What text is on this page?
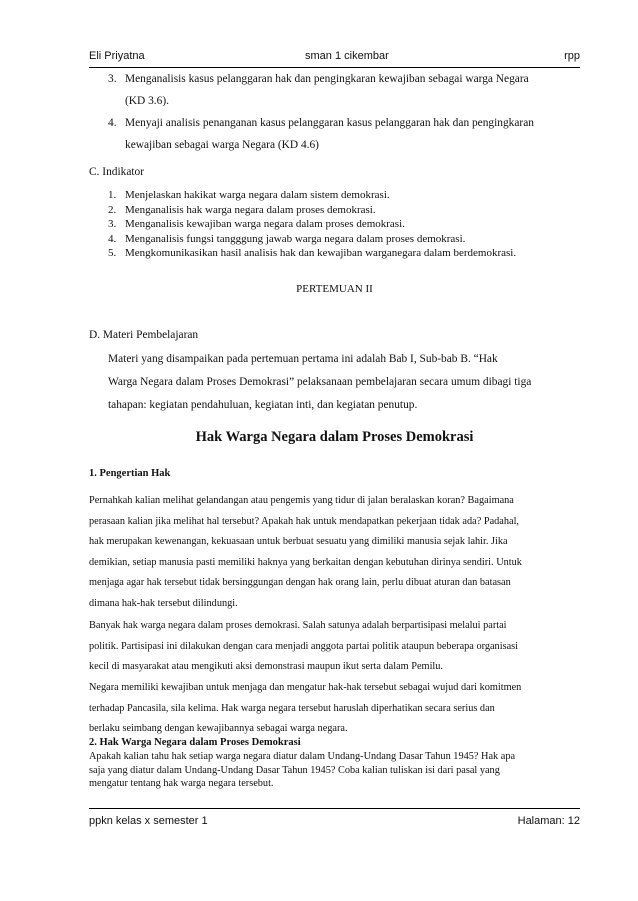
Eli Priyatna	sman 1 cikembar	rpp
3. Menganalisis kasus pelanggaran hak dan pengingkaran kewajiban sebagai warga Negara
(KD 3.6).
4. Menyaji analisis penanganan kasus pelanggaran kasus pelanggaran hak dan pengingkaran
kewajiban sebagai warga Negara (KD 4.6)
C. Indikator
1. Menjelaskan hakikat warga negara dalam sistem demokrasi.
2. Menganalisis hak warga negara dalam proses demokrasi.
3. Menganalisis kewajiban warga negara dalam proses demokrasi.
4. Menganalisis fungsi tangggung jawab warga negara dalam proses demokrasi.
5. Mengkomunikasikan hasil analisis hak dan kewajiban warganegara dalam berdemokrasi.
PERTEMUAN II
D. Materi Pembelajaran
Materi yang disampaikan pada pertemuan pertama ini adalah Bab I, Sub-bab B. “Hak
Warga Negara dalam Proses Demokrasi” pelaksanaan pembelajaran secara umum dibagi tiga
tahapan: kegiatan pendahuluan, kegiatan inti, dan kegiatan penutup.
Hak Warga Negara dalam Proses Demokrasi
1. Pengertian Hak
Pernahkah kalian melihat gelandangan atau pengemis yang tidur di jalan beralaskan koran? Bagaimana
perasaan kalian jika melihat hal tersebut? Apakah hak untuk mendapatkan pekerjaan tidak ada? Padahal,
hak merupakan kewenangan, kekuasaan untuk berbuat sesuatu yang dimiliki manusia sejak lahir. Jika
demikian, setiap manusia pasti memiliki haknya yang berkaitan dengan kebutuhan dirinya sendiri. Untuk
menjaga agar hak tersebut tidak bersinggungan dengan hak orang lain, perlu dibuat aturan dan batasan
dimana hak-hak tersebut dilindungi.
Banyak hak warga negara dalam proses demokrasi. Salah satunya adalah berpartisipasi melalui partai
politik. Partisipasi ini dilakukan dengan cara menjadi anggota partai politik ataupun beberapa organisasi
kecil di masyarakat atau mengikuti aksi demonstrasi maupun ikut serta dalam Pemilu.
Negara memiliki kewajiban untuk menjaga dan mengatur hak-hak tersebut sebagai wujud dari komitmen
terhadap Pancasila, sila kelima. Hak warga negara tersebut haruslah diperhatikan secara serius dan
berlaku seimbang dengan kewajibannya sebagai warga negara.
2. Hak Warga Negara dalam Proses Demokrasi
Apakah kalian tahu hak setiap warga negara diatur dalam Undang-Undang Dasar Tahun 1945? Hak apa
saja yang diatur dalam Undang-Undang Dasar Tahun 1945? Coba kalian tuliskan isi dari pasal yang
mengatur tentang hak warga negara tersebut.
ppkn kelas x semester 1	Halaman: 12
